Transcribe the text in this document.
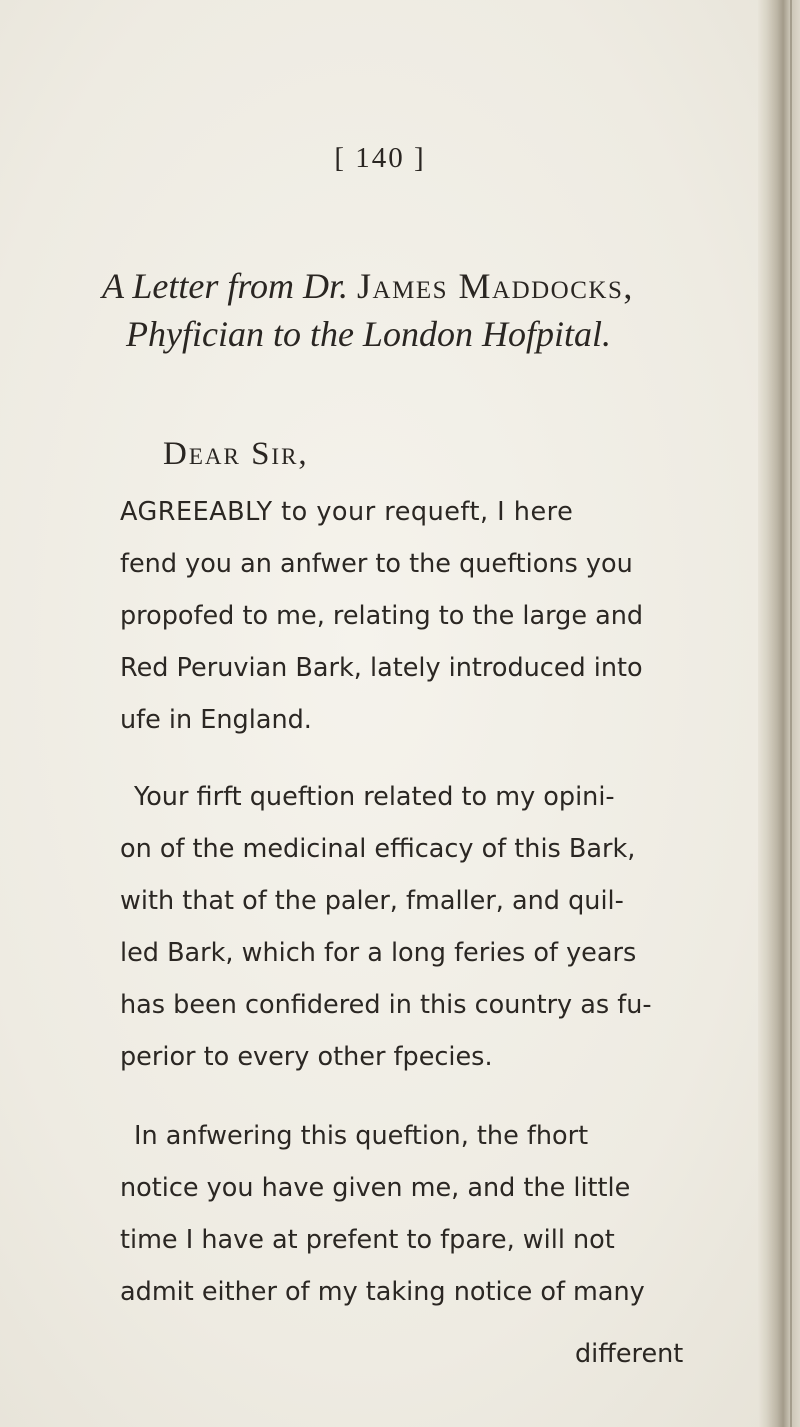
[ 140 ]
A Letter from Dr. James Maddocks,
Phyfician to the London Hofpital.
Dear Sir,
AGREEABLY to your requeft, I here
fend you an anfwer to the queftions you
propofed to me, relating to the large and
Red Peruvian Bark, lately introduced into
ufe in England.
Your firft queftion related to my opini-
on of the medicinal efficacy of this Bark,
with that of the paler, fmaller, and quil-
led Bark, which for a long feries of years
has been confidered in this country as fu-
perior to every other fpecies.
In anfwering this queftion, the fhort
notice you have given me, and the little
time I have at prefent to fpare, will not
admit either of my taking notice of many
different
